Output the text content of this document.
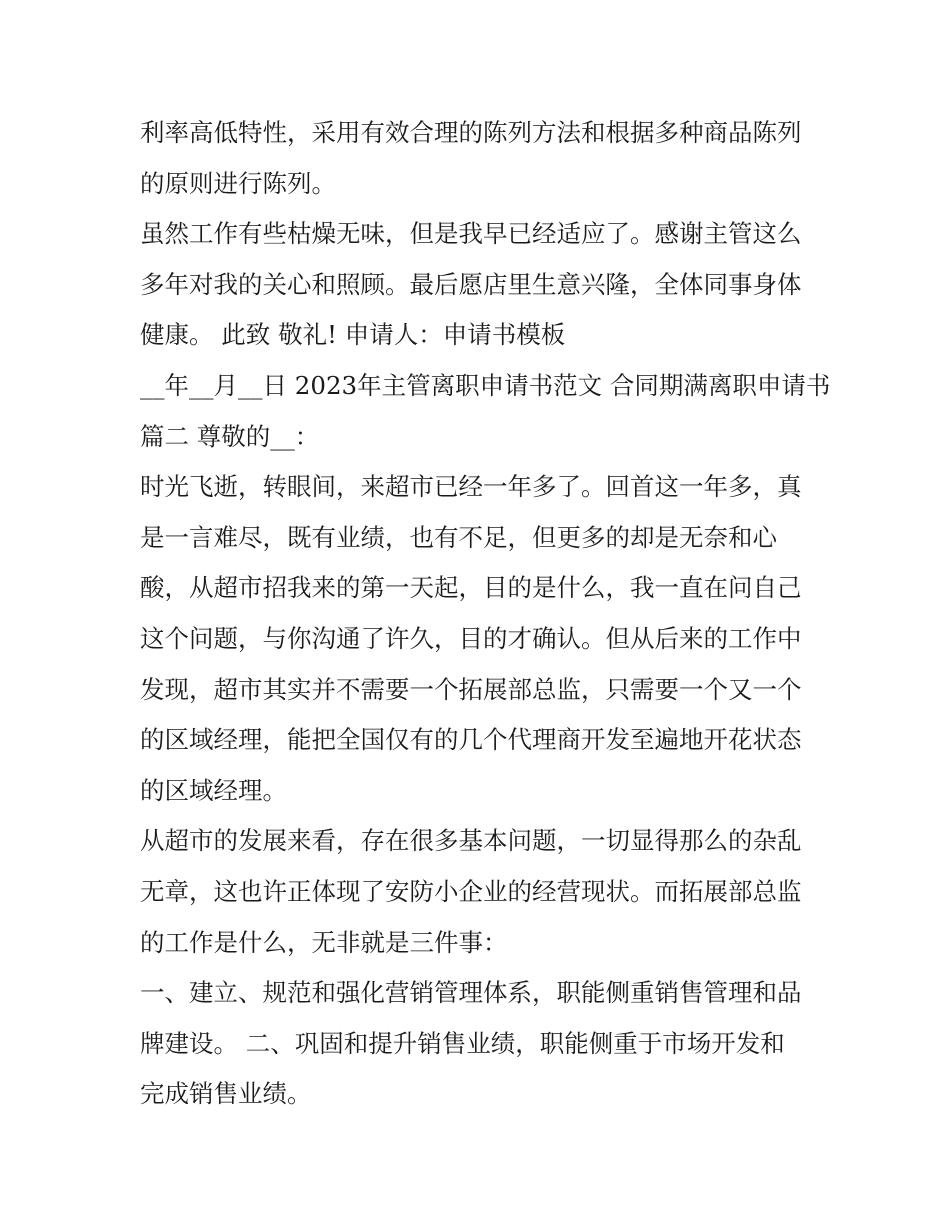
利率高低特性，采用有效合理的陈列方法和根据多种商品陈列
的原则进行陈列。
虽然工作有些枯燥无味，但是我早已经适应了。感谢主管这么
多年对我的关心和照顾。最后愿店里生意兴隆，全体同事身体
健康。 此致 敬礼! 申请人：申请书模板
__年__月__日 2023年主管离职申请书范文 合同期满离职申请书
篇二 尊敬的__：
时光飞逝，转眼间，来超市已经一年多了。回首这一年多，真
是一言难尽，既有业绩，也有不足，但更多的却是无奈和心
酸，从超市招我来的第一天起，目的是什么，我一直在问自己
这个问题，与你沟通了许久，目的才确认。但从后来的工作中
发现，超市其实并不需要一个拓展部总监，只需要一个又一个
的区域经理，能把全国仅有的几个代理商开发至遍地开花状态
的区域经理。
从超市的发展来看，存在很多基本问题，一切显得那么的杂乱
无章，这也许正体现了安防小企业的经营现状。而拓展部总监
的工作是什么，无非就是三件事：
一、建立、规范和强化营销管理体系，职能侧重销售管理和品
牌建设。 二、巩固和提升销售业绩，职能侧重于市场开发和
完成销售业绩。
